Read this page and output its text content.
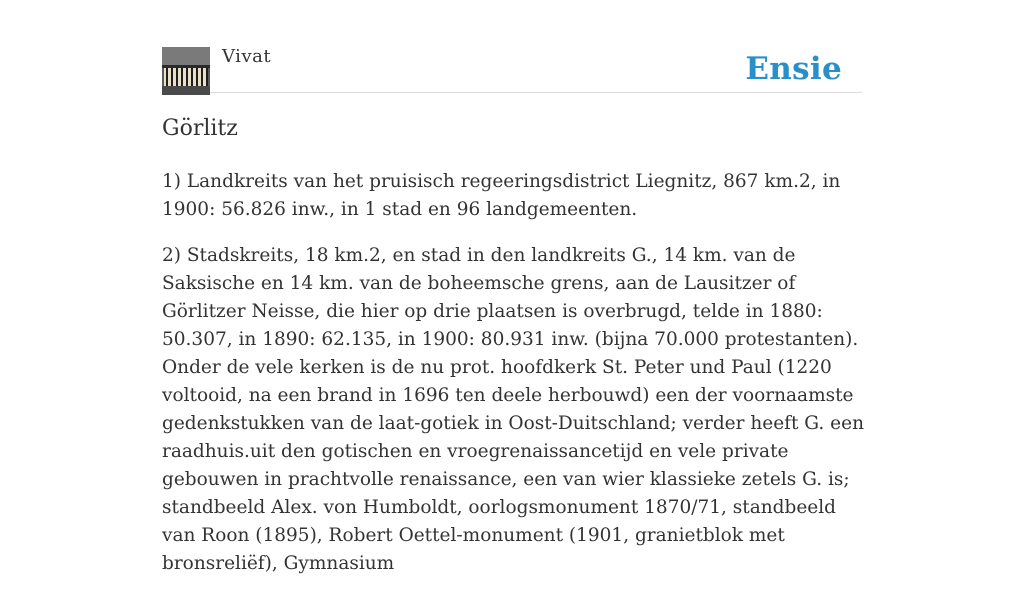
Vivat	Ensie
Görlitz

1) Landkreits van het pruisisch regeeringsdistrict Liegnitz, 867 km.2, in 1900: 56.826 inw., in 1 stad en 96 landgemeenten.

2) Stadskreits, 18 km.2, en stad in den landkreits G., 14 km. van de Saksische en 14 km. van de boheemsche grens, aan de Lausitzer of Görlitzer Neisse, die hier op drie plaatsen is overbrugd, telde in 1880: 50.307, in 1890: 62.135, in 1900: 80.931 inw. (bijna 70.000 protestanten). Onder de vele kerken is de nu prot. hoofdkerk St. Peter und Paul (1220 voltooid, na een brand in 1696 ten deele herbouwd) een der voornaamste gedenkstukken van de laat-gotiek in Oost-Duitschland; verder heeft G. een raadhuis.uit den gotischen en vroegrenaissancetijd en vele private gebouwen in prachtvolle renaissance, een van wier klassieke zetels G. is; standbeeld Alex. von Humboldt, oorlogsmonument 1870/71, standbeeld van Roon (1895), Robert Oettel-monument (1901, granietblok met bronsreliëf), Gymnasium
